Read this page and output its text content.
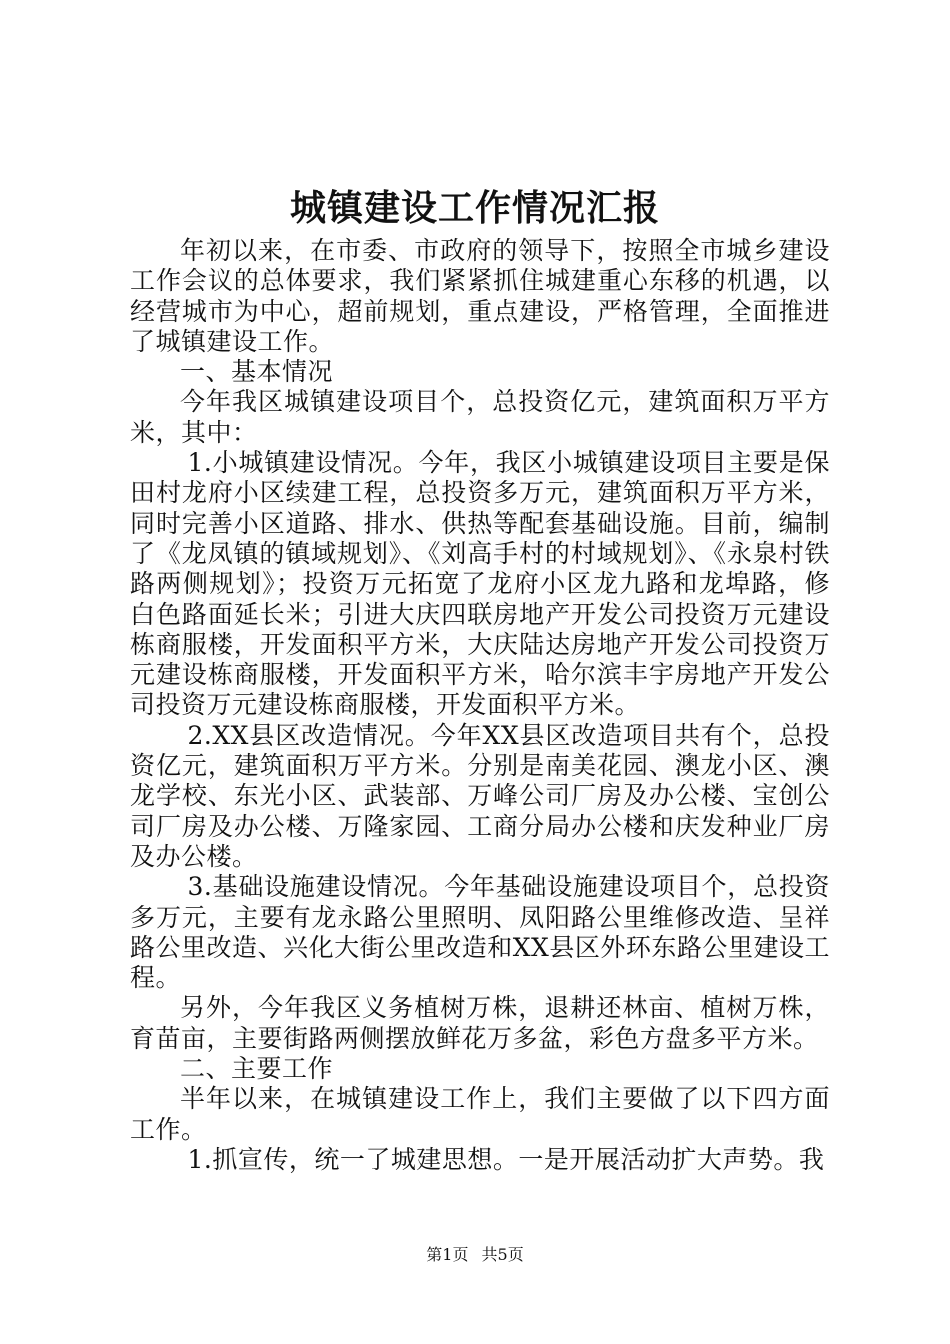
城镇建设工作情况汇报

年初以来，在市委、市政府的领导下，按照全市城乡建设工作会议的总体要求，我们紧紧抓住城建重心东移的机遇，以经营城市为中心，超前规划，重点建设，严格管理，全面推进了城镇建设工作。

一、基本情况

今年我区城镇建设项目个，总投资亿元，建筑面积万平方米，其中：

1.小城镇建设情况。今年，我区小城镇建设项目主要是保田村龙府小区续建工程，总投资多万元，建筑面积万平方米，同时完善小区道路、排水、供热等配套基础设施。目前，编制了《龙凤镇的镇域规划》、《刘高手村的村域规划》、《永泉村铁路两侧规划》；投资万元拓宽了龙府小区龙九路和龙埠路，修白色路面延长米；引进大庆四联房地产开发公司投资万元建设栋商服楼，开发面积平方米，大庆陆达房地产开发公司投资万元建设栋商服楼，开发面积平方米，哈尔滨丰宇房地产开发公司投资万元建设栋商服楼，开发面积平方米。

2.XX县区改造情况。今年XX县区改造项目共有个，总投资亿元，建筑面积万平方米。分别是南美花园、澳龙小区、澳龙学校、东光小区、武装部、万峰公司厂房及办公楼、宝创公司厂房及办公楼、万隆家园、工商分局办公楼和庆发种业厂房及办公楼。

3.基础设施建设情况。今年基础设施建设项目个，总投资多万元，主要有龙永路公里照明、凤阳路公里维修改造、呈祥路公里改造、兴化大街公里改造和XX县区外环东路公里建设工程。

另外，今年我区义务植树万株，退耕还林亩、植树万株，育苗亩，主要街路两侧摆放鲜花万多盆，彩色方盘多平方米。

二、主要工作

半年以来，在城镇建设工作上，我们主要做了以下四方面工作。

1.抓宣传，统一了城建思想。一是开展活动扩大声势。我

第1页 共5页
